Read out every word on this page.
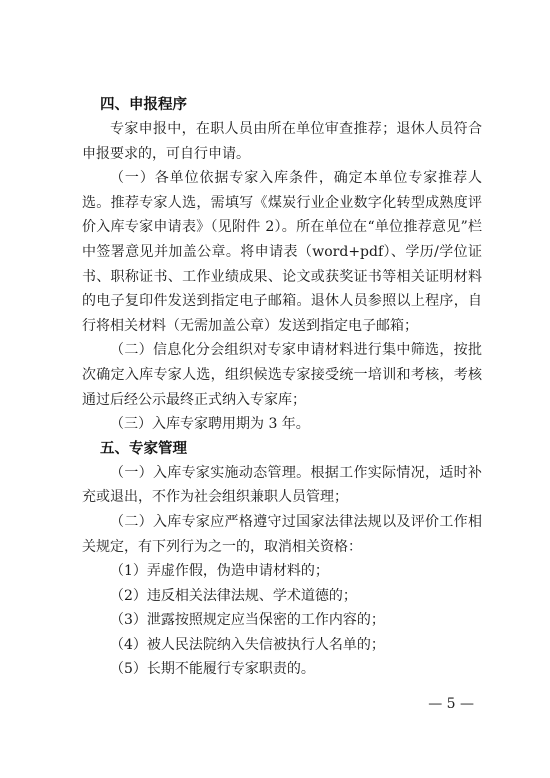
四、申报程序

专家申报中，在职人员由所在单位审查推荐；退休人员符合申报要求的，可自行申请。

（一）各单位依据专家入库条件，确定本单位专家推荐人选。推荐专家人选，需填写《煤炭行业企业数字化转型成熟度评价入库专家申请表》（见附件 2）。所在单位在“单位推荐意见”栏中签署意见并加盖公章。将申请表（word+pdf）、学历/学位证书、职称证书、工作业绩成果、论文或获奖证书等相关证明材料的电子复印件发送到指定电子邮箱。退休人员参照以上程序，自行将相关材料（无需加盖公章）发送到指定电子邮箱；

（二）信息化分会组织对专家申请材料进行集中筛选，按批次确定入库专家人选，组织候选专家接受统一培训和考核，考核通过后经公示最终正式纳入专家库；

（三）入库专家聘用期为 3 年。

五、专家管理

（一）入库专家实施动态管理。根据工作实际情况，适时补充或退出，不作为社会组织兼职人员管理；

（二）入库专家应严格遵守过国家法律法规以及评价工作相关规定，有下列行为之一的，取消相关资格：

（1）弄虚作假，伪造申请材料的；
（2）违反相关法律法规、学术道德的；
（3）泄露按照规定应当保密的工作内容的；
（4）被人民法院纳入失信被执行人名单的；
（5）长期不能履行专家职责的。
— 5 —
